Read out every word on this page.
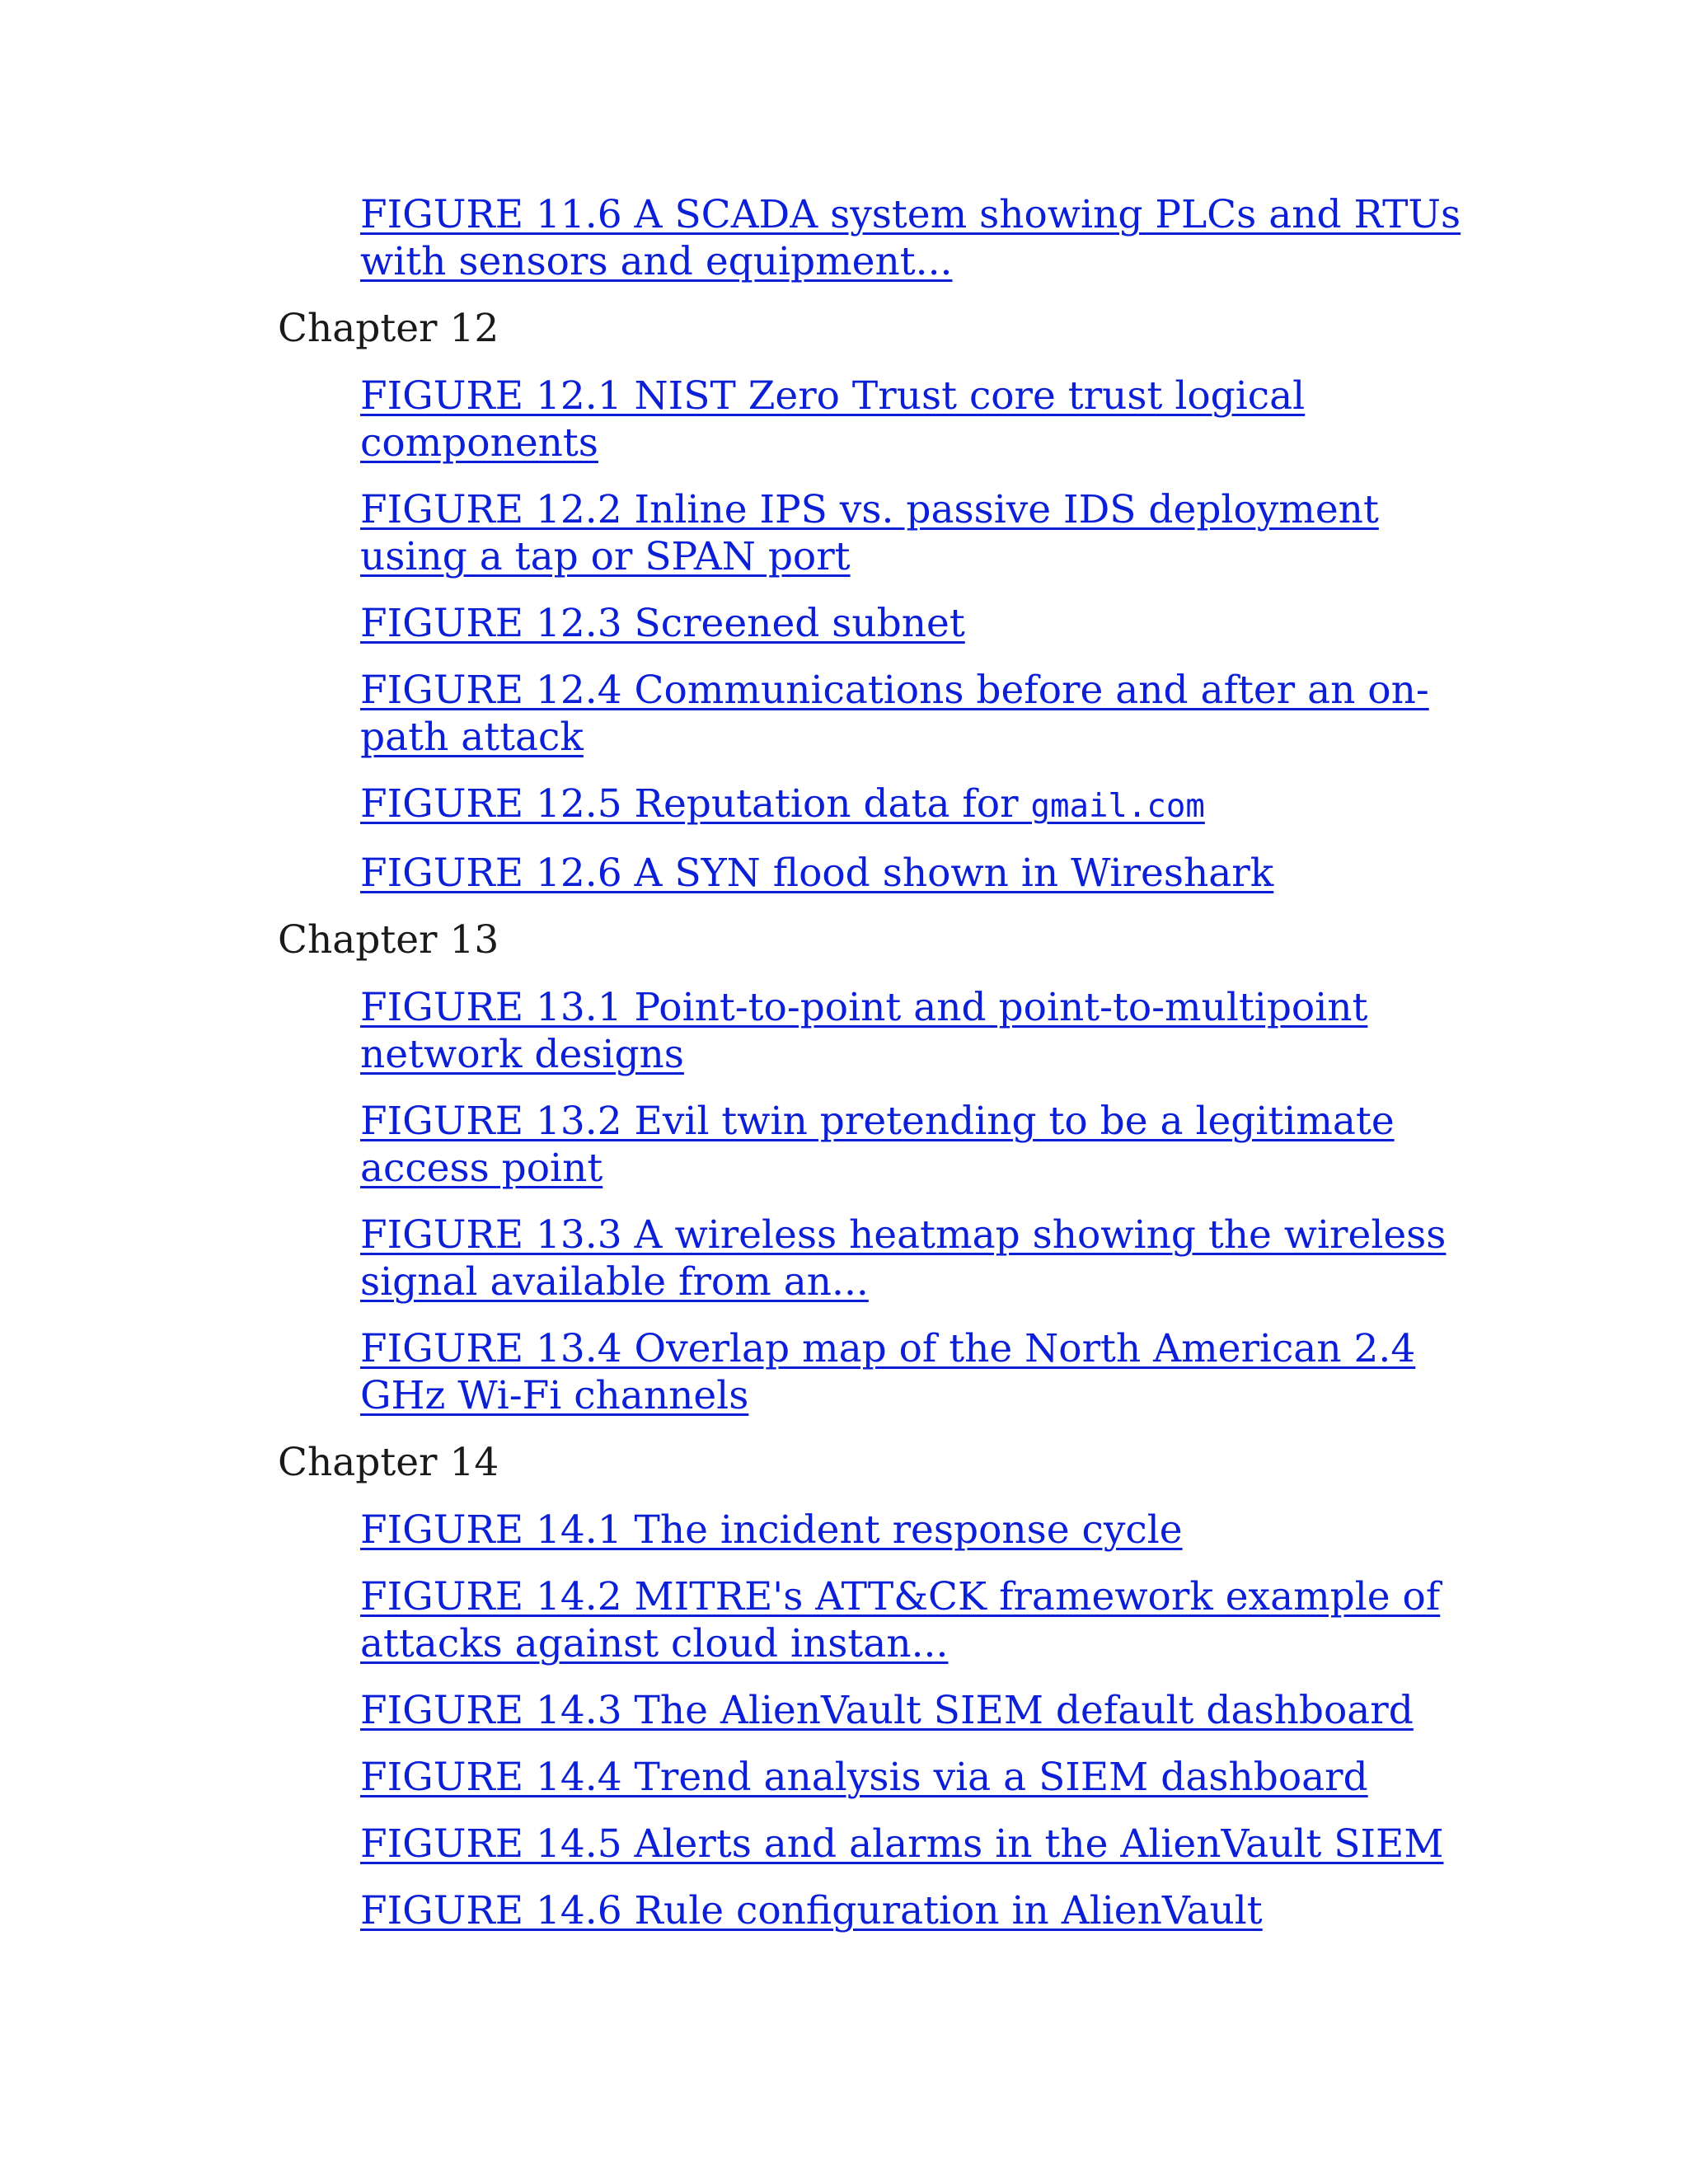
FIGURE 11.6 A SCADA system showing PLCs and RTUs with sensors and equipment...
Chapter 12
FIGURE 12.1 NIST Zero Trust core trust logical components
FIGURE 12.2 Inline IPS vs. passive IDS deployment using a tap or SPAN port
FIGURE 12.3 Screened subnet
FIGURE 12.4 Communications before and after an on-path attack
FIGURE 12.5 Reputation data for gmail.com
FIGURE 12.6 A SYN flood shown in Wireshark
Chapter 13
FIGURE 13.1 Point-to-point and point-to-multipoint network designs
FIGURE 13.2 Evil twin pretending to be a legitimate access point
FIGURE 13.3 A wireless heatmap showing the wireless signal available from an...
FIGURE 13.4 Overlap map of the North American 2.4 GHz Wi-Fi channels
Chapter 14
FIGURE 14.1 The incident response cycle
FIGURE 14.2 MITRE's ATT&CK framework example of attacks against cloud instan...
FIGURE 14.3 The AlienVault SIEM default dashboard
FIGURE 14.4 Trend analysis via a SIEM dashboard
FIGURE 14.5 Alerts and alarms in the AlienVault SIEM
FIGURE 14.6 Rule configuration in AlienVault
